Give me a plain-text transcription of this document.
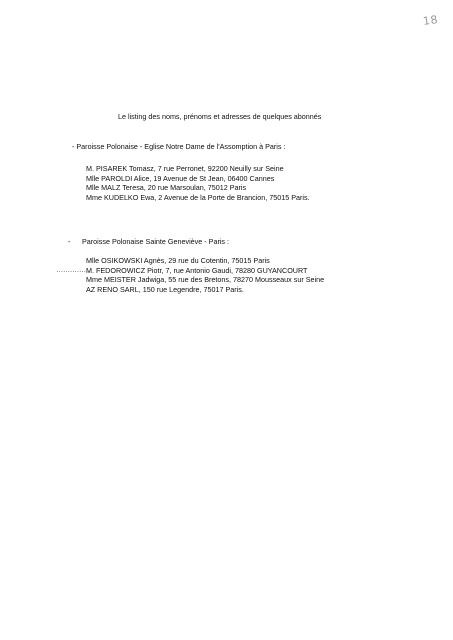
18
Le listing des noms, prénoms et adresses de quelques abonnés
- Paroisse Polonaise - Eglise Notre Dame de l'Assomption à Paris :
M. PISAREK Tomasz, 7 rue Perronet, 92200 Neuilly sur Seine
Mlle PAROLDI Alice, 19 Avenue de St Jean, 06400 Cannes
Mlle MALZ Teresa, 20 rue Marsoulan, 75012 Paris
Mme KUDELKO Ewa, 2 Avenue de la Porte de Brancion, 75015 Paris.
- Paroisse Polonaise Sainte Geneviève - Paris :
Mlle OSIKOWSKI Agnès, 29 rue du Cotentin, 75015 Paris
M. FEDOROWICZ Piotr, 7, rue Antonio Gaudi, 78280 GUYANCOURT
Mme MEISTER Jadwiga, 55 rue des Bretons, 78270 Mousseaux sur Seine
AZ RENO SARL, 150 rue Legendre, 75017 Paris.
……………
